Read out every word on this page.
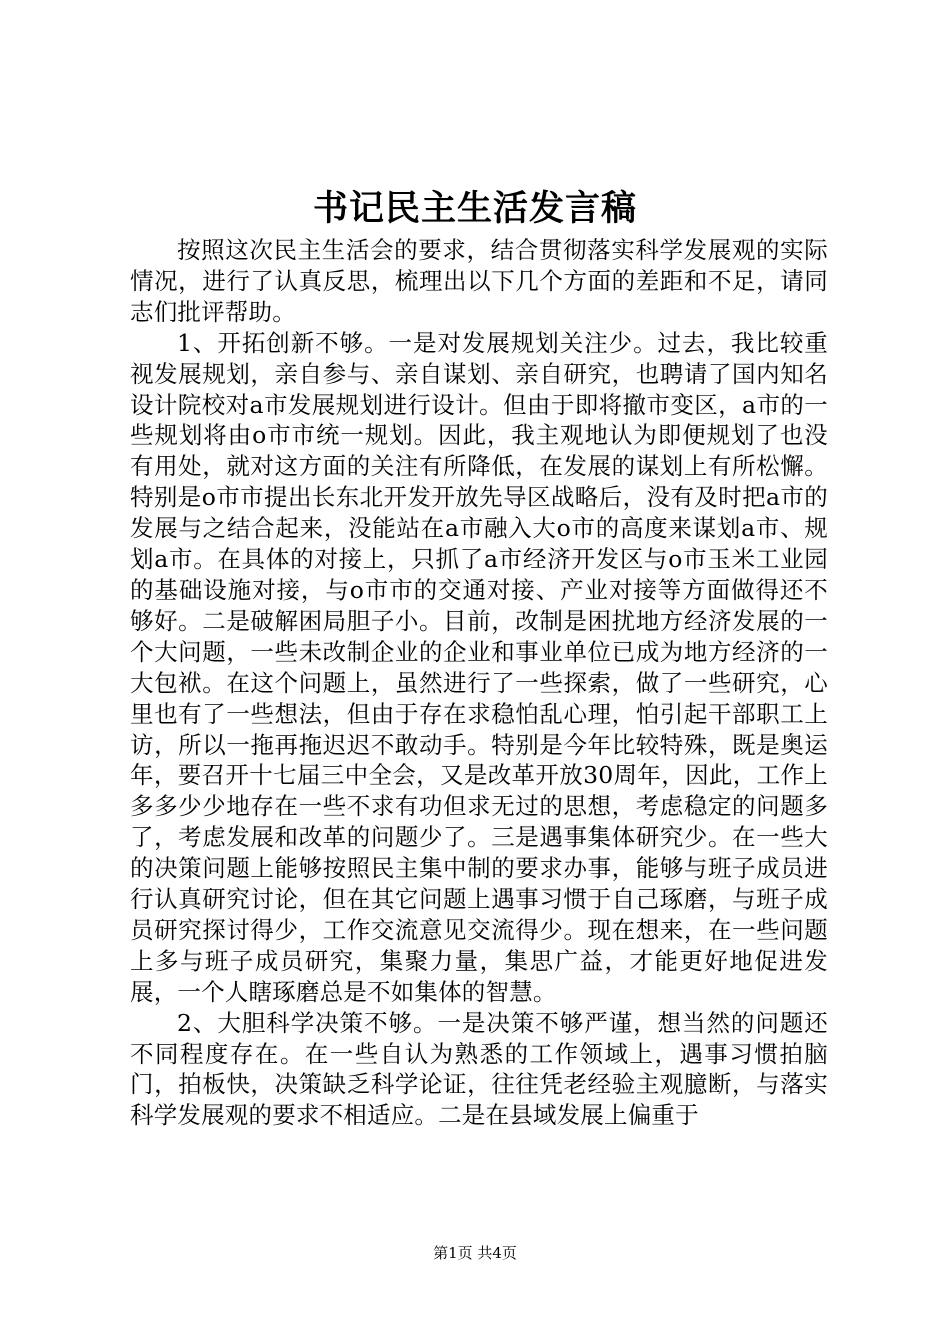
书记民主生活发言稿

按照这次民主生活会的要求，结合贯彻落实科学发展观的实际情况，进行了认真反思，梳理出以下几个方面的差距和不足，请同志们批评帮助。

1、开拓创新不够。一是对发展规划关注少。过去，我比较重视发展规划，亲自参与、亲自谋划、亲自研究，也聘请了国内知名设计院校对a市发展规划进行设计。但由于即将撤市变区，a市的一些规划将由o市市统一规划。因此，我主观地认为即便规划了也没有用处，就对这方面的关注有所降低，在发展的谋划上有所松懈。特别是o市市提出长东北开发开放先导区战略后，没有及时把a市的发展与之结合起来，没能站在a市融入大o市的高度来谋划a市、规划a市。在具体的对接上，只抓了a市经济开发区与o市玉米工业园的基础设施对接，与o市市的交通对接、产业对接等方面做得还不够好。二是破解困局胆子小。目前，改制是困扰地方经济发展的一个大问题，一些未改制企业的企业和事业单位已成为地方经济的一大包袱。在这个问题上，虽然进行了一些探索，做了一些研究，心里也有了一些想法，但由于存在求稳怕乱心理，怕引起干部职工上访，所以一拖再拖迟迟不敢动手。特别是今年比较特殊，既是奥运年，要召开十七届三中全会，又是改革开放30周年，因此，工作上多多少少地存在一些不求有功但求无过的思想，考虑稳定的问题多了，考虑发展和改革的问题少了。三是遇事集体研究少。在一些大的决策问题上能够按照民主集中制的要求办事，能够与班子成员进行认真研究讨论，但在其它问题上遇事习惯于自己琢磨，与班子成员研究探讨得少，工作交流意见交流得少。现在想来，在一些问题上多与班子成员研究，集聚力量，集思广益，才能更好地促进发展，一个人瞎琢磨总是不如集体的智慧。

2、大胆科学决策不够。一是决策不够严谨，想当然的问题还不同程度存在。在一些自认为熟悉的工作领域上，遇事习惯拍脑门，拍板快，决策缺乏科学论证，往往凭老经验主观臆断，与落实科学发展观的要求不相适应。二是在县域发展上偏重于

第1页 共4页
